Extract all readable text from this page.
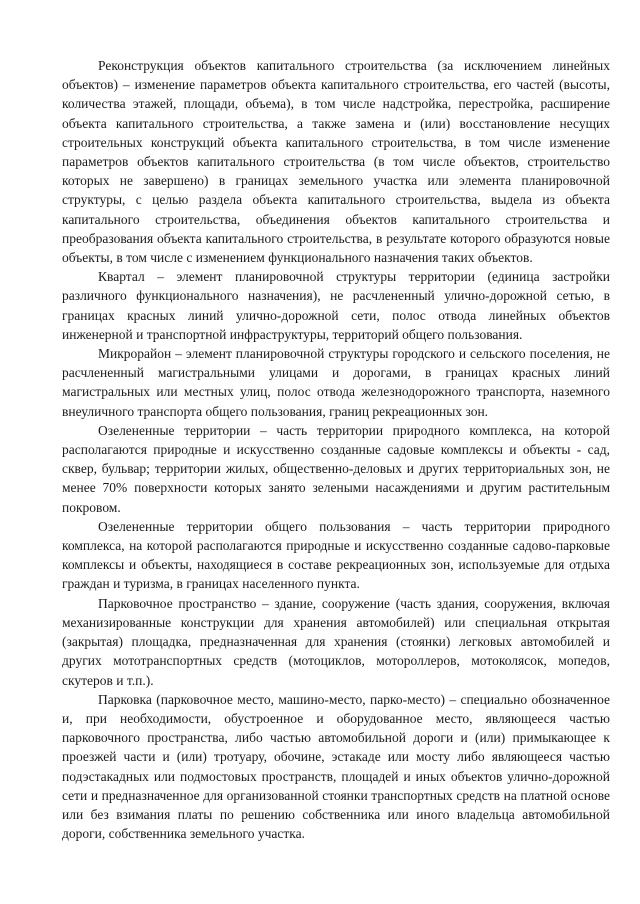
Реконструкция объектов капитального строительства (за исключением линейных объектов) – изменение параметров объекта капитального строительства, его частей (высоты, количества этажей, площади, объема), в том числе надстройка, перестройка, расширение объекта капитального строительства, а также замена и (или) восстановление несущих строительных конструкций объекта капитального строительства, в том числе изменение параметров объектов капитального строительства (в том числе объектов, строительство которых не завершено) в границах земельного участка или элемента планировочной структуры, с целью раздела объекта капитального строительства, выдела из объекта капитального строительства, объединения объектов капитального строительства и преобразования объекта капитального строительства, в результате которого образуются новые объекты, в том числе с изменением функционального назначения таких объектов.

Квартал – элемент планировочной структуры территории (единица застройки различного функционального назначения), не расчлененный улично-дорожной сетью, в границах красных линий улично-дорожной сети, полос отвода линейных объектов инженерной и транспортной инфраструктуры, территорий общего пользования.

Микрорайон – элемент планировочной структуры городского и сельского поселения, не расчлененный магистральными улицами и дорогами, в границах красных линий магистральных или местных улиц, полос отвода железнодорожного транспорта, наземного внеуличного транспорта общего пользования, границ рекреационных зон.

Озелененные территории – часть территории природного комплекса, на которой располагаются природные и искусственно созданные садовые комплексы и объекты - сад, сквер, бульвар; территории жилых, общественно-деловых и других территориальных зон, не менее 70% поверхности которых занято зелеными насаждениями и другим растительным покровом.

Озелененные территории общего пользования – часть территории природного комплекса, на которой располагаются природные и искусственно созданные садово-парковые комплексы и объекты, находящиеся в составе рекреационных зон, используемые для отдыха граждан и туризма, в границах населенного пункта.

Парковочное пространство – здание, сооружение (часть здания, сооружения, включая механизированные конструкции для хранения автомобилей) или специальная открытая (закрытая) площадка, предназначенная для хранения (стоянки) легковых автомобилей и других мототранспортных средств (мотоциклов, мотороллеров, мотоколясок, мопедов, скутеров и т.п.).

Парковка (парковочное место, машино-место, парко-место) – специально обозначенное и, при необходимости, обустроенное и оборудованное место, являющееся частью парковочного пространства, либо частью автомобильной дороги и (или) примыкающее к проезжей части и (или) тротуару, обочине, эстакаде или мосту либо являющееся частью подэстакадных или подмостовых пространств, площадей и иных объектов улично-дорожной сети и предназначенное для организованной стоянки транспортных средств на платной основе или без взимания платы по решению собственника или иного владельца автомобильной дороги, собственника земельного участка.
